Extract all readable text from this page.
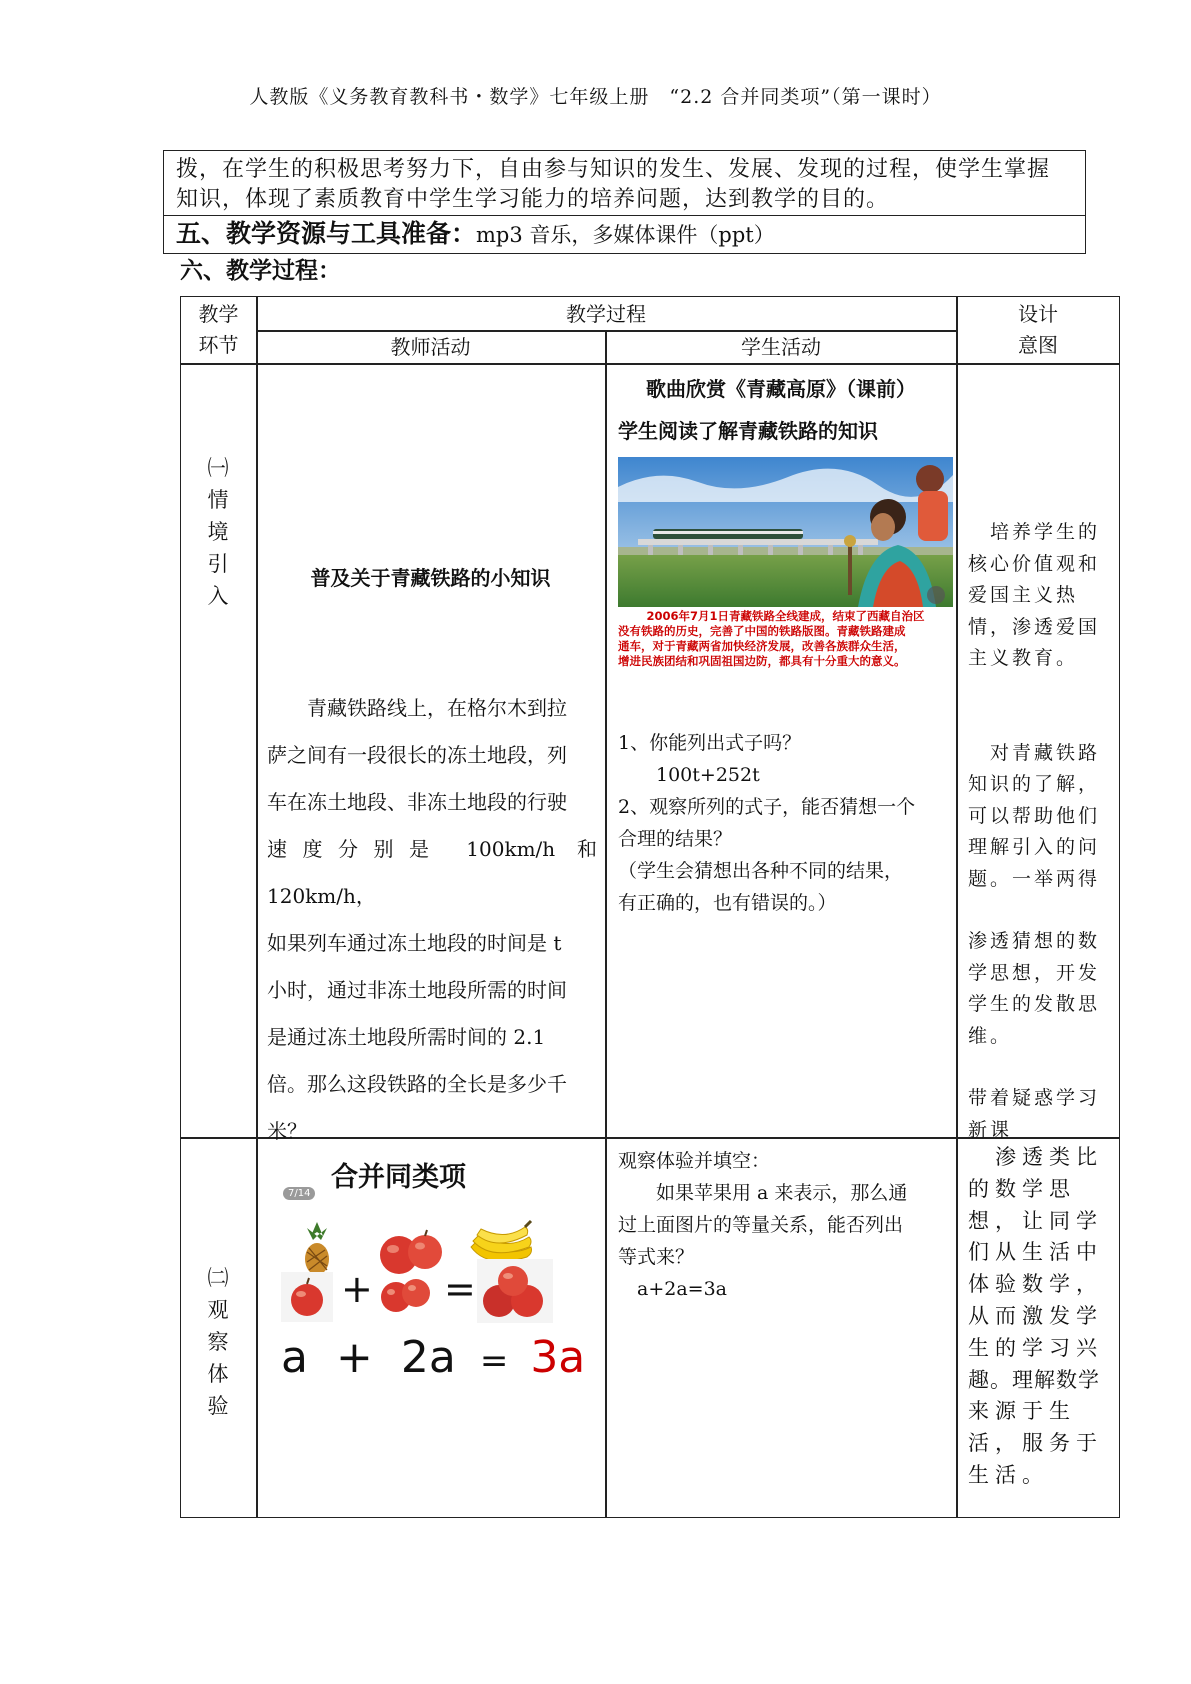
人教版《义务教育教科书・数学》七年级上册　“2.2 合并同类项”（第一课时）
拨，在学生的积极思考努力下，自由参与知识的发生、发展、发现的过程，使学生掌握
知识，体现了素质教育中学生学习能力的培养问题，达到教学的目的。
五、教学资源与工具准备：mp3 音乐，多媒体课件（ppt）
六、教学过程：
教学
环节
教学过程
教师活动	学生活动
设计
意图
㈠
情
境
引
入
普及关于青藏铁路的小知识
青藏铁路线上，在格尔木到拉
萨之间有一段很长的冻土地段，列
车在冻土地段、非冻土地段的行驶
速度分别是 100km/h 和 120km/h，
如果列车通过冻土地段的时间是 t
小时，通过非冻土地段所需的时间
是通过冻土地段所需时间的 2.1
倍。那么这段铁路的全长是多少千
米？
歌曲欣赏《青藏高原》（课前）
学生阅读了解青藏铁路的知识
2006年7月1日青藏铁路全线建成，结束了西藏自治区
没有铁路的历史，完善了中国的铁路版图。青藏铁路建成
通车，对于青藏两省加快经济发展，改善各族群众生活，
增进民族团结和巩固祖国边防，都具有十分重大的意义。
1、你能列出式子吗？
　　100t+252t
2、观察所列的式子，能否猜想一个
合理的结果？
（学生会猜想出各种不同的结果，
有正确的，也有错误的。）
　培养学生的
核心价值观和
爱国主义热
情，渗透爱国
主义教育。
　对青藏铁路
知识的了解，
可以帮助他们
理解引入的问
题。一举两得
渗透猜想的数
学思想，开发
学生的发散思
维。
带着疑惑学习
新课
㈡
观
察
体
验
合并同类项
7/14
+ =
a + 2a = 3a
观察体验并填空：
　　如果苹果用 a 来表示，那么通
过上面图片的等量关系，能否列出
等式来？
　a+2a=3a
　渗透类比
的数学思
想，让同学
们从生活中
体验数学，
从而激发学
生的学习兴
趣。理解数学
来源于生
活，服务于
生活。
